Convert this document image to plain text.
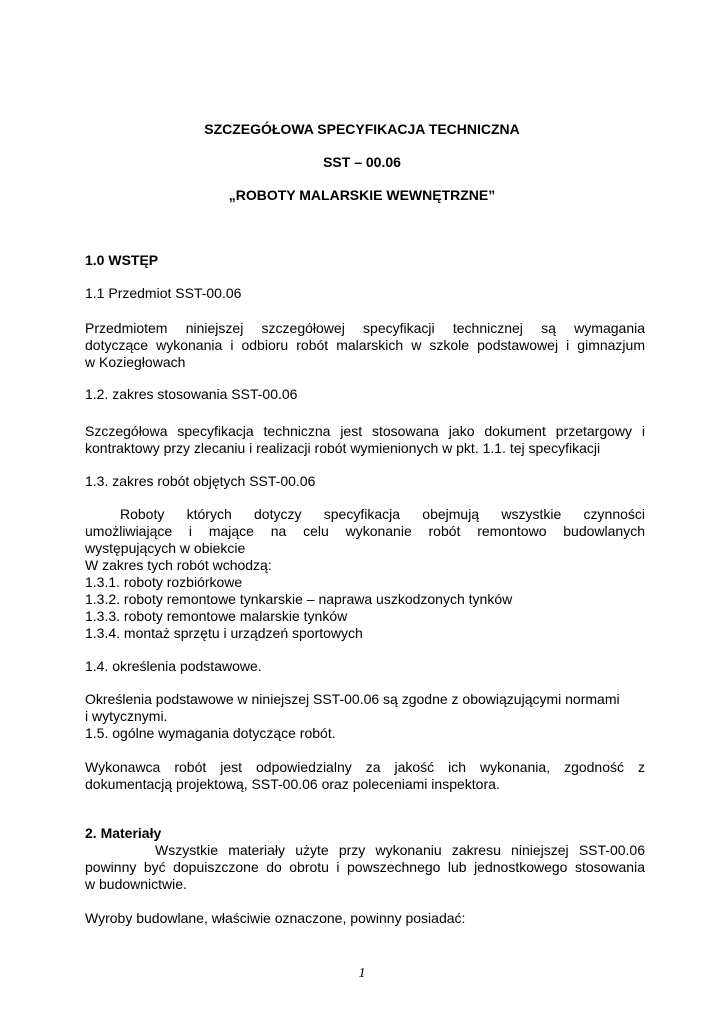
SZCZEGÓŁOWA SPECYFIKACJA TECHNICZNA
SST – 00.06
„ROBOTY MALARSKIE WEWNĘTRZNE”
1.0 WSTĘP
1.1 Przedmiot SST-00.06
Przedmiotem niniejszej szczegółowej specyfikacji technicznej są wymagania
dotyczące wykonania i odbioru robót malarskich w szkole podstawowej i gimnazjum
w Koziegłowach
1.2. zakres stosowania SST-00.06
Szczegółowa specyfikacja techniczna jest stosowana jako dokument przetargowy i
kontraktowy przy zlecaniu i realizacji robót wymienionych w pkt. 1.1. tej specyfikacji
1.3. zakres robót objętych SST-00.06
Roboty których dotyczy specyfikacja obejmują wszystkie czynności
umożliwiające i mające na celu wykonanie robót remontowo budowlanych
występujących w obiekcie
W zakres tych robót wchodzą:
1.3.1. roboty rozbiórkowe
1.3.2. roboty remontowe tynkarskie – naprawa uszkodzonych tynków
1.3.3. roboty remontowe malarskie tynków
1.3.4. montaż sprzętu i urządzeń sportowych
1.4. określenia podstawowe.
Określenia podstawowe w niniejszej SST-00.06 są zgodne z obowiązującymi normami
i wytycznymi.
1.5. ogólne wymagania dotyczące robót.
Wykonawca robót jest odpowiedzialny za jakość ich wykonania, zgodność z
dokumentacją projektową, SST-00.06 oraz poleceniami inspektora.
2. Materiały
Wszystkie materiały użyte przy wykonaniu zakresu niniejszej SST-00.06
powinny być dopuiszczone do obrotu i powszechnego lub jednostkowego stosowania
w budownictwie.
Wyroby budowlane, właściwie oznaczone, powinny posiadać:
1
